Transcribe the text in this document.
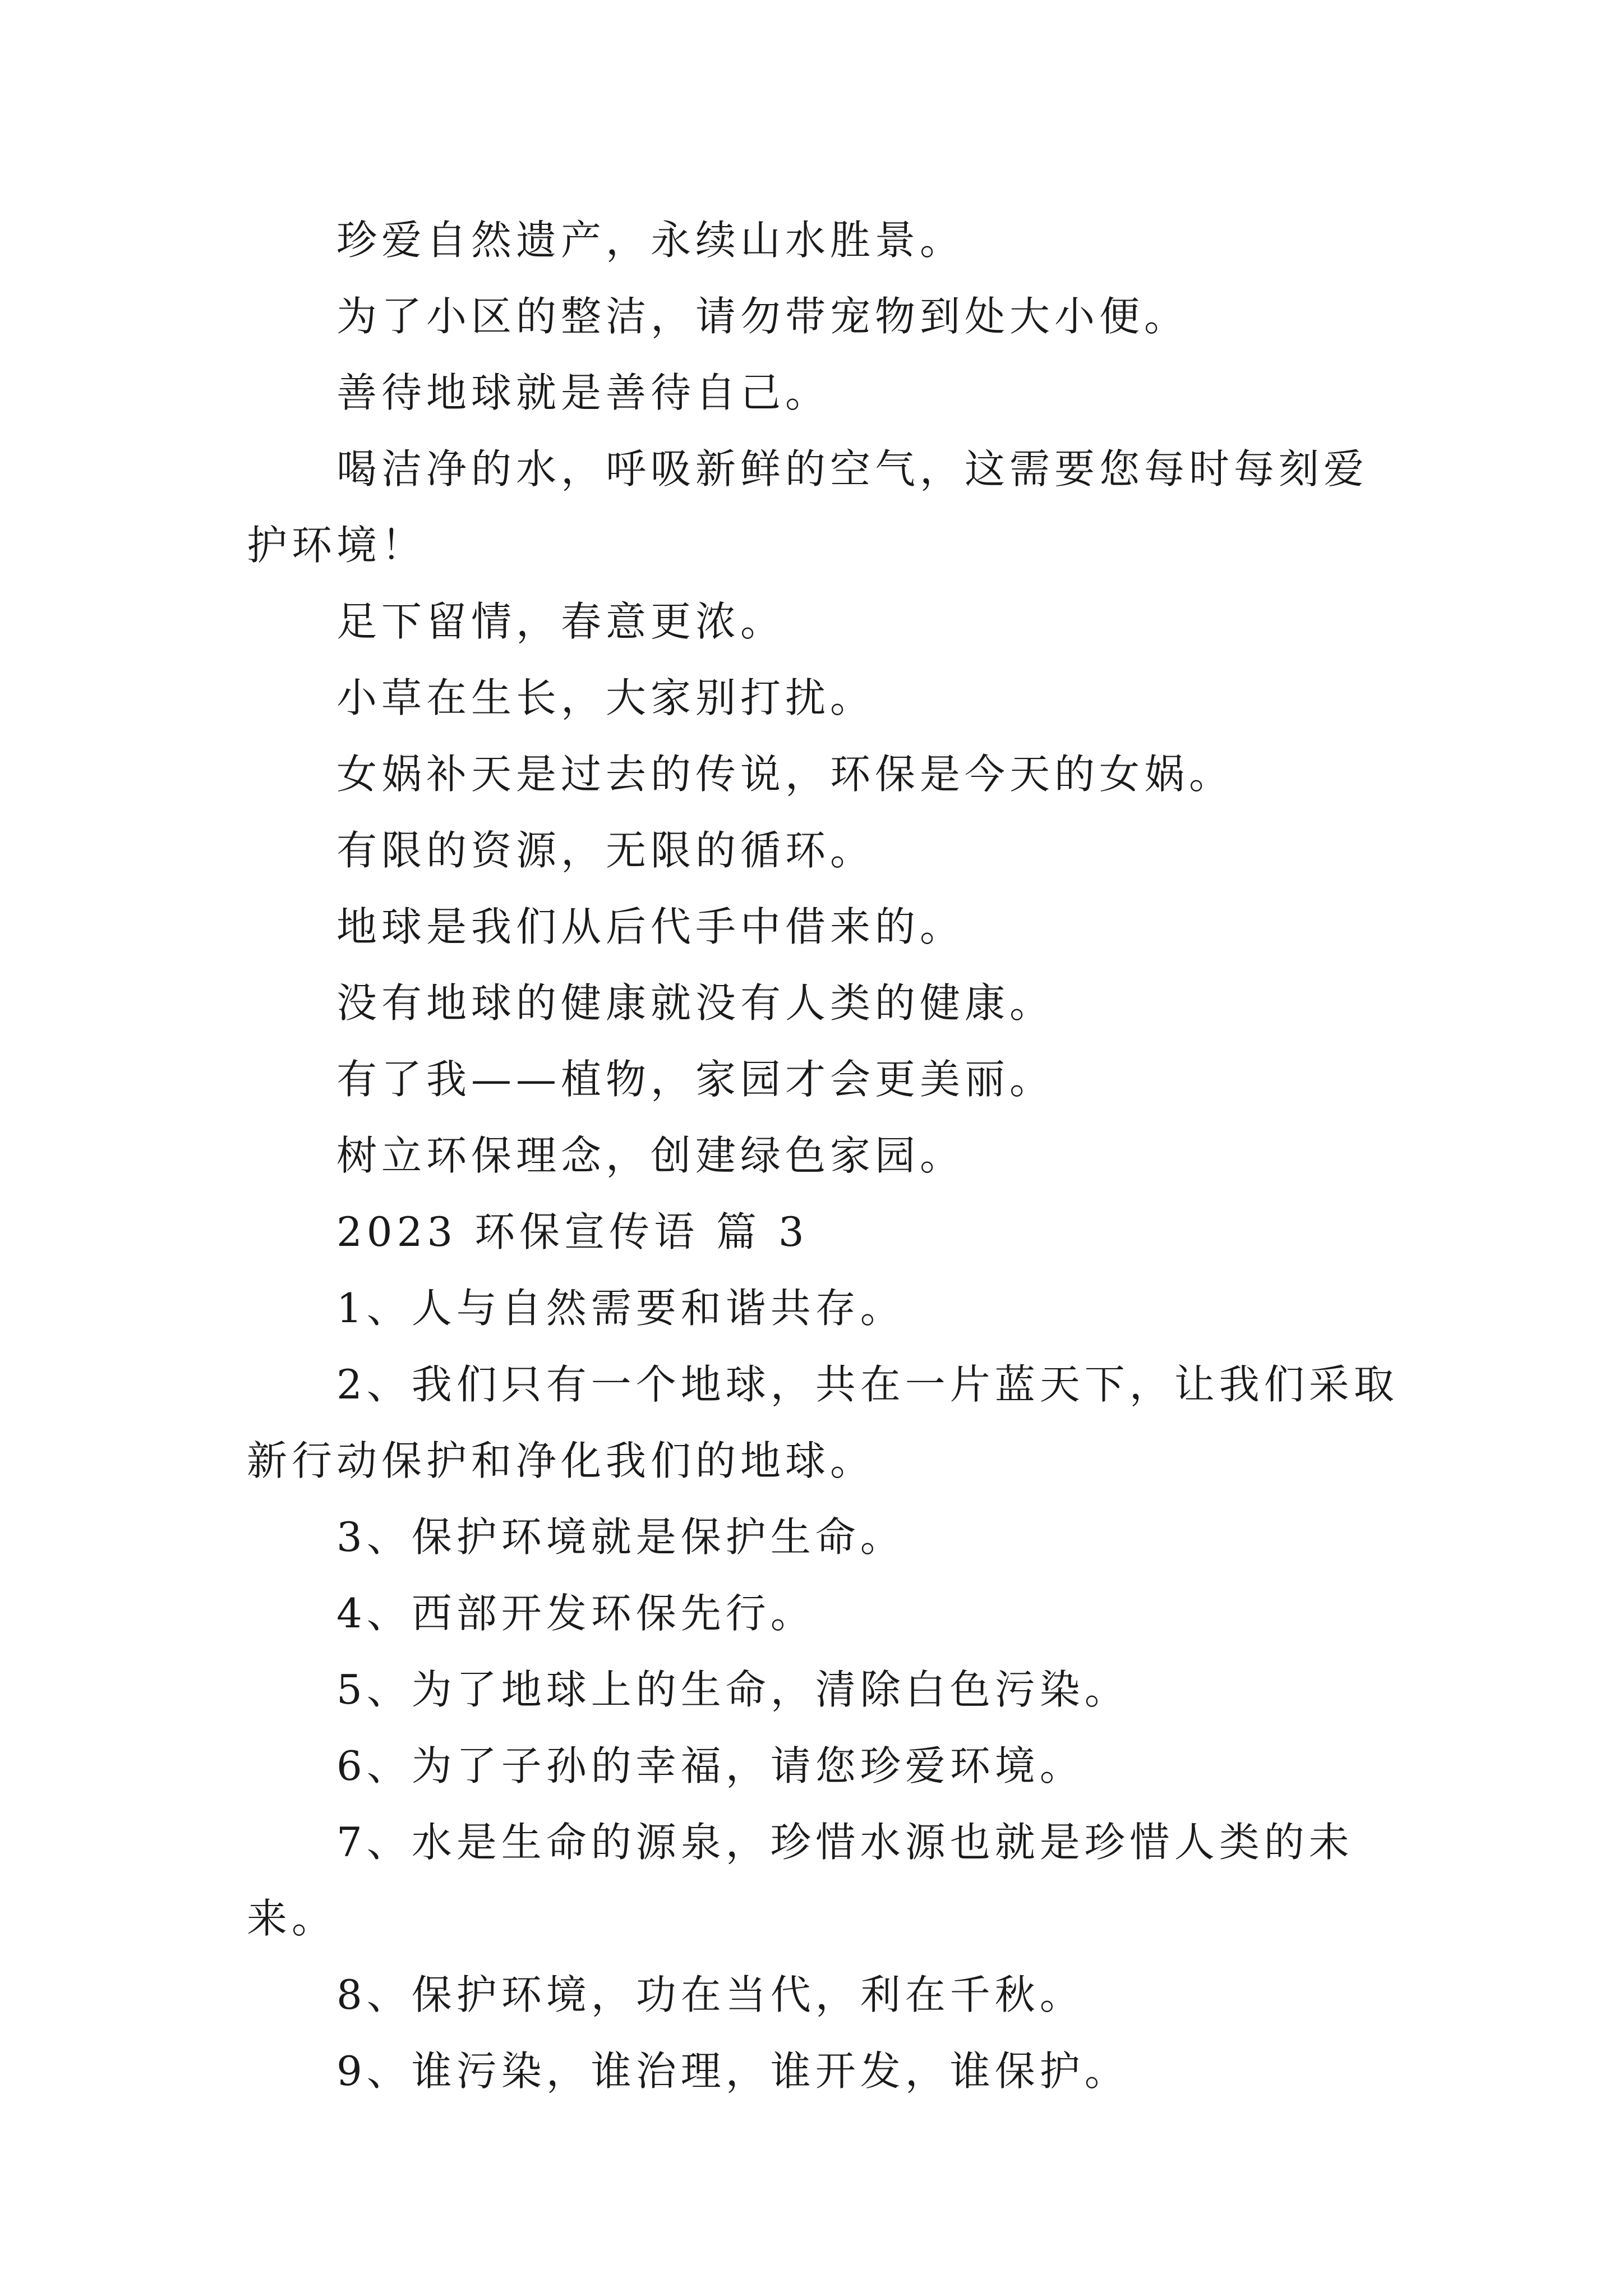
珍爱自然遗产，永续山水胜景。

为了小区的整洁，请勿带宠物到处大小便。

善待地球就是善待自己。

喝洁净的水，呼吸新鲜的空气，这需要您每时每刻爱护环境！

足下留情，春意更浓。

小草在生长，大家别打扰。

女娲补天是过去的传说，环保是今天的女娲。

有限的资源，无限的循环。

地球是我们从后代手中借来的。

没有地球的健康就没有人类的健康。

有了我——植物，家园才会更美丽。

树立环保理念，创建绿色家园。

2023 环保宣传语 篇 3

1、人与自然需要和谐共存。

2、我们只有一个地球，共在一片蓝天下，让我们采取新行动保护和净化我们的地球。

3、保护环境就是保护生命。

4、西部开发环保先行。

5、为了地球上的生命，清除白色污染。

6、为了子孙的幸福，请您珍爱环境。

7、水是生命的源泉，珍惜水源也就是珍惜人类的未来。

8、保护环境，功在当代，利在千秋。

9、谁污染，谁治理，谁开发，谁保护。
